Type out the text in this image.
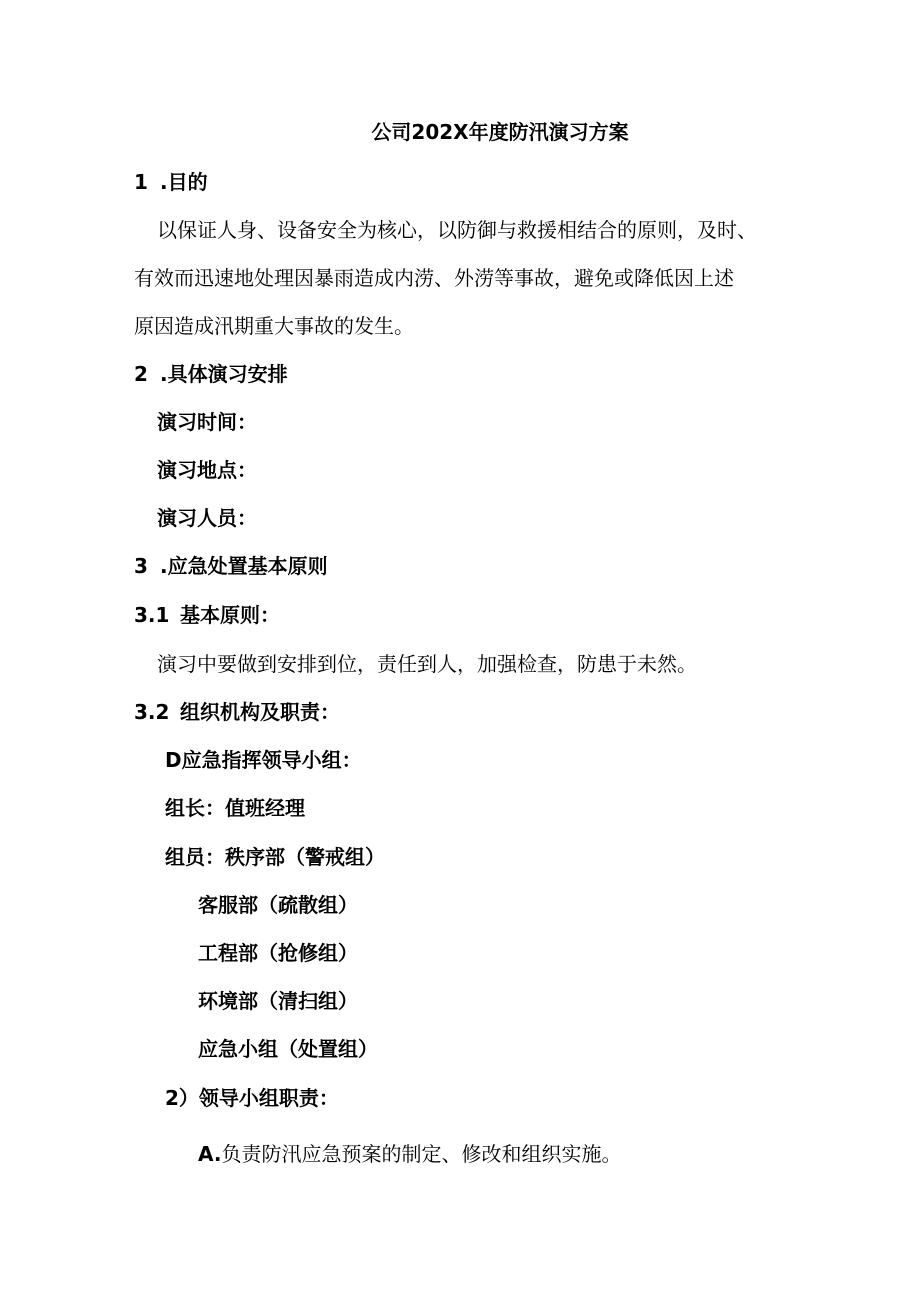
公司202X年度防汛演习方案
1 .目的
以保证人身、设备安全为核心，以防御与救援相结合的原则，及时、
有效而迅速地处理因暴雨造成内涝、外涝等事故，避免或降低因上述
原因造成汛期重大事故的发生。
2 .具体演习安排
演习时间：
演习地点：
演习人员：
3 .应急处置基本原则
3.1 基本原则：
演习中要做到安排到位，责任到人，加强检查，防患于未然。
3.2 组织机构及职责：
D应急指挥领导小组：
组长：值班经理
组员：秩序部（警戒组）
客服部（疏散组）
工程部（抢修组）
环境部（清扫组）
应急小组（处置组）
2）领导小组职责：
A.负责防汛应急预案的制定、修改和组织实施。
